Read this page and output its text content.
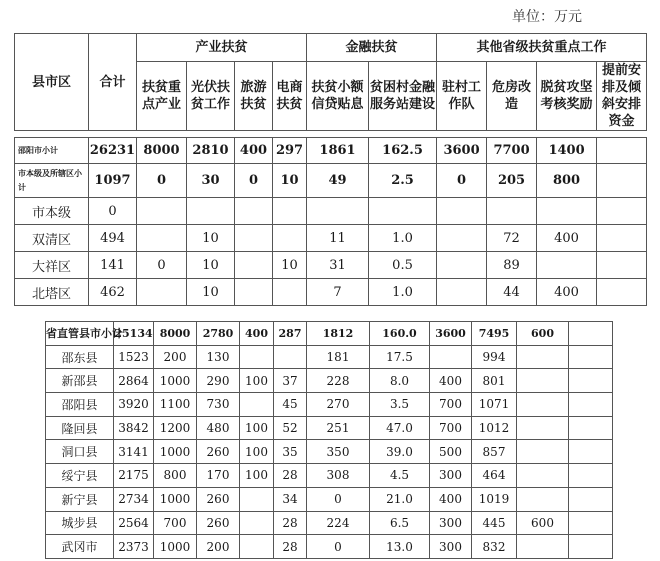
单位：万元
县市区	合计	产业扶贫				金融扶贫		其他省级扶贫重点工作			
		扶贫重点产业	光伏扶贫工作	旅游扶贫	电商扶贫	扶贫小额信贷贴息	贫困村金融服务站建设	驻村工作队	危房改造	脱贫攻坚考核奖励	提前安排及倾斜安排资金

邵阳市小计	26231	8000	2810	400	297	1861	162.5	3600	7700	1400	
市本级及所辖区小计	1097	0	30	0	10	49	2.5	0	205	800	
市本级	0										
双清区	494		10			11	1.0		72	400	
大祥区	141	0	10		10	31	0.5		89		
北塔区	462		10			7	1.0		44	400	
省直管县市小计	25134	8000	2780	400	287	1812	160.0	3600	7495	600	
邵东县	1523	200	130			181	17.5		994		
新邵县	2864	1000	290	100	37	228	8.0	400	801		
邵阳县	3920	1100	730		45	270	3.5	700	1071		
隆回县	3842	1200	480	100	52	251	47.0	700	1012		
洞口县	3141	1000	260	100	35	350	39.0	500	857		
绥宁县	2175	800	170	100	28	308	4.5	300	464		
新宁县	2734	1000	260		34	0	21.0	400	1019		
城步县	2564	700	260		28	224	6.5	300	445	600	
武冈市	2373	1000	200		28	0	13.0	300	832		
